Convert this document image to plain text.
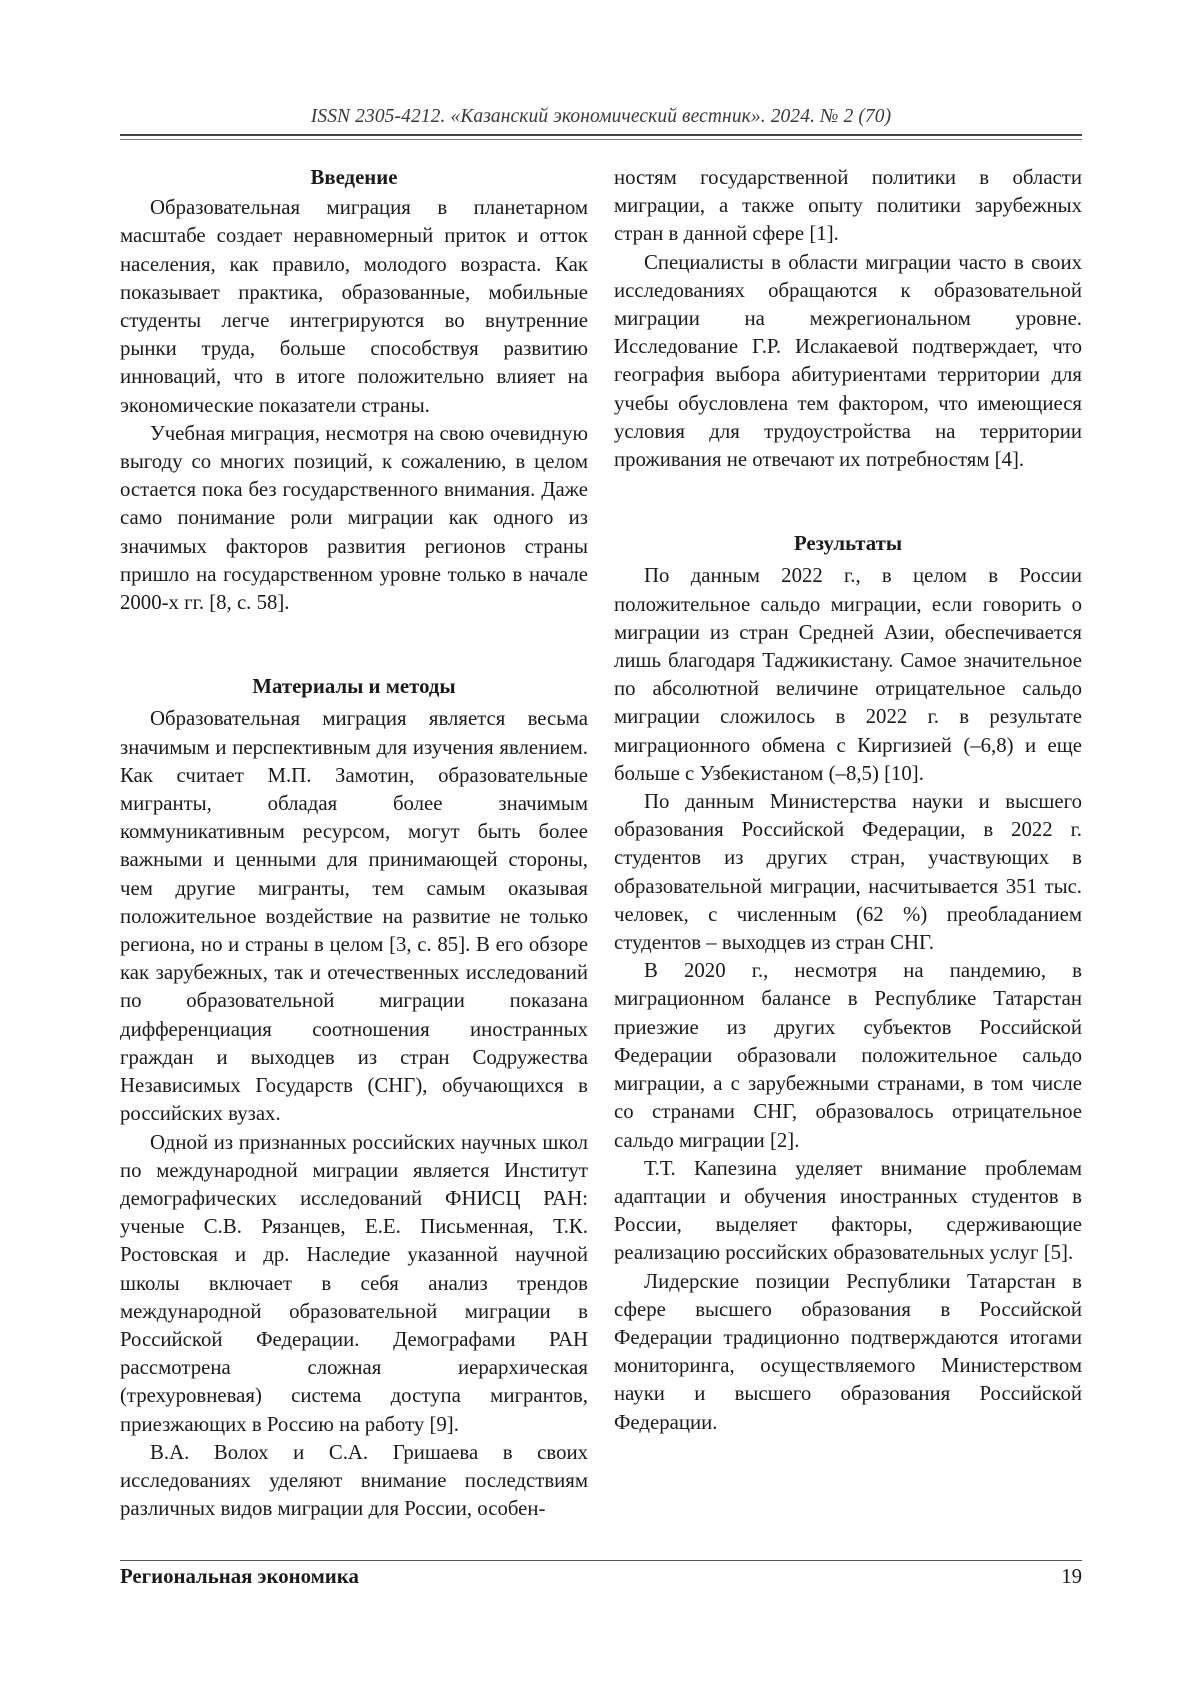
ISSN 2305-4212. «Казанский экономический вестник». 2024. № 2 (70)
Введение

Образовательная миграция в планетарном масштабе создает неравномерный приток и отток населения, как правило, молодого возраста. Как показывает практика, образованные, мобильные студенты легче интегрируются во внутренние рынки труда, больше способствуя развитию инноваций, что в итоге положительно влияет на экономические показатели страны.

Учебная миграция, несмотря на свою очевидную выгоду со многих позиций, к сожалению, в целом остается пока без государственного внимания. Даже само понимание роли миграции как одного из значимых факторов развития регионов страны пришло на государственном уровне только в начале 2000-х гг. [8, с. 58].

Материалы и методы

Образовательная миграция является весьма значимым и перспективным для изучения явлением. Как считает М.П. Замотин, образовательные мигранты, обладая более значимым коммуникативным ресурсом, могут быть более важными и ценными для принимающей стороны, чем другие мигранты, тем самым оказывая положительное воздействие на развитие не только региона, но и страны в целом [3, с. 85]. В его обзоре как зарубежных, так и отечественных исследований по образовательной миграции показана дифференциация соотношения иностранных граждан и выходцев из стран Содружества Независимых Государств (СНГ), обучающихся в российских вузах.

Одной из признанных российских научных школ по международной миграции является Институт демографических исследований ФНИСЦ РАН: ученые С.В. Рязанцев, Е.Е. Письменная, Т.К. Ростовская и др. Наследие указанной научной школы включает в себя анализ трендов международной образовательной миграции в Российской Федерации. Демографами РАН рассмотрена сложная иерархическая (трехуровневая) система доступа мигрантов, приезжающих в Россию на работу [9].

В.А. Волох и С.А. Гришаева в своих исследованиях уделяют внимание последствиям различных видов миграции для России, особен-

ностям государственной политики в области миграции, а также опыту политики зарубежных стран в данной сфере [1].

Специалисты в области миграции часто в своих исследованиях обращаются к образовательной миграции на межрегиональном уровне. Исследование Г.Р. Ислакаевой подтверждает, что география выбора абитуриентами территории для учебы обусловлена тем фактором, что имеющиеся условия для трудоустройства на территории проживания не отвечают их потребностям [4].

Результаты

По данным 2022 г., в целом в России положительное сальдо миграции, если говорить о миграции из стран Средней Азии, обеспечивается лишь благодаря Таджикистану. Самое значительное по абсолютной величине отрицательное сальдо миграции сложилось в 2022 г. в результате миграционного обмена с Киргизией (–6,8) и еще больше с Узбекистаном (–8,5) [10].

По данным Министерства науки и высшего образования Российской Федерации, в 2022 г. студентов из других стран, участвующих в образовательной миграции, насчитывается 351 тыс. человек, с численным (62 %) преобладанием студентов – выходцев из стран СНГ.

В 2020 г., несмотря на пандемию, в миграционном балансе в Республике Татарстан приезжие из других субъектов Российской Федерации образовали положительное сальдо миграции, а с зарубежными странами, в том числе со странами СНГ, образовалось отрицательное сальдо миграции [2].

Т.Т. Капезина уделяет внимание проблемам адаптации и обучения иностранных студентов в России, выделяет факторы, сдерживающие реализацию российских образовательных услуг [5].

Лидерские позиции Республики Татарстан в сфере высшего образования в Российской Федерации традиционно подтверждаются итогами мониторинга, осуществляемого Министерством науки и высшего образования Российской Федерации.

Региональная экономика	19
